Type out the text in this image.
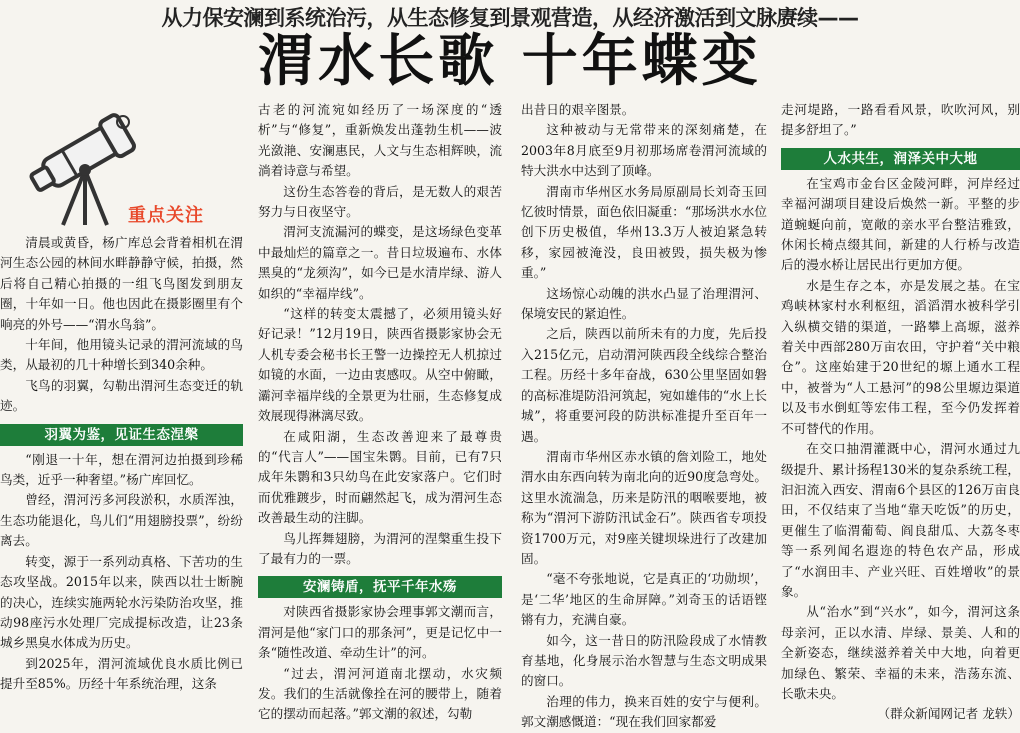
从力保安澜到系统治污，从生态修复到景观营造，从经济激活到文脉赓续——
渭水长歌 十年蝶变
重点关注

清晨或黄昏，杨广库总会背着相机在渭河生态公园的林间水畔静静守候，拍摄，然后将自己精心拍摄的一组飞鸟图发到朋友圈，十年如一日。他也因此在摄影圈里有个响亮的外号——“渭水鸟翁”。

十年间，他用镜头记录的渭河流域的鸟类，从最初的几十种增长到340余种。

飞鸟的羽翼，勾勒出渭河生态变迁的轨迹。

羽翼为鉴，见证生态涅槃

“刚退一十年，想在渭河边拍摄到珍稀鸟类，近乎一种奢望。”杨广库回忆。

曾经，渭河汚多河段淤积，水质浑浊，生态功能退化，鸟儿们“用翅膀投票”，纷纷离去。

转变，源于一系列动真格、下苦功的生态攻坚战。2015年以来，陕西以壮士断腕的决心，连续实施两轮水污染防治攻坚，推动98座污水处理厂完成提标改造，让23条城乡黑臭水体成为历史。

到2025年，渭河流域优良水质比例已提升至85%。历经十年系统治理，这条

古老的河流宛如经历了一场深度的“透析”与“修复”，重新焕发出蓬勃生机——波光潋滟、安澜惠民，人文与生态相辉映，流淌着诗意与希望。

这份生态答卷的背后，是无数人的艰苦努力与日夜坚守。

渭河支流漏河的蝶变，是这场绿色变革中最灿烂的篇章之一。昔日垃圾遍布、水体黑臭的“龙须沟”，如今已是水清岸绿、游人如织的“幸福岸线”。

“这样的转变太震撼了，必须用镜头好好记录！”12月19日，陕西省摄影家协会无人机专委会秘书长王警一边操控无人机掠过如镜的水面，一边由衷感叹。从空中俯瞰，灞河幸福岸线的全景更为壮丽，生态修复成效展现得淋漓尽致。

在咸阳湖，生态改善迎来了最尊贵的“代言人”——国宝朱鹮。目前，已有7只成年朱鹮和3只幼鸟在此安家落户。它们时而优雅踱步，时而翩然起飞，成为渭河生态改善最生动的注脚。

鸟儿挥舞翅膀，为渭河的涅槃重生投下了最有力的一票。

安澜铸盾，抚平千年水殇

对陕西省摄影家协会理事郭文潮而言，渭河是他“家门口的那条河”，更是记忆中一条“随性改道、牵动生计”的河。

“过去，渭河河道南北摆动，水灾频发。我们的生活就像拴在河的腰带上，随着它的摆动而起落。”郭文潮的叙述，勾勒

出昔日的艰辛图景。

这种被动与无常带来的深刻痛楚，在2003年8月底至9月初那场席卷渭河流域的特大洪水中达到了顶峰。

渭南市华州区水务局原副局长刘奇玉回忆彼时情景，面色依旧凝重：“那场洪水水位创下历史极值，华州13.3万人被迫紧急转移，家园被淹没，良田被毁，损失极为惨重。”

这场惊心动魄的洪水凸显了治理渭河、保境安民的紧迫性。

之后，陕西以前所未有的力度，先后投入215亿元，启动渭河陕西段全线综合整治工程。历经十多年奋战，630公里坚固如磐的高标准堤防沿河筑起，宛如雄伟的“水上长城”，将重要河段的防洪标准提升至百年一遇。

渭南市华州区赤水镇的詹刘险工，地处渭水由东西向转为南北向的近90度急弯处。这里水流湍急，历来是防汛的咽喉要地，被称为“渭河下游防汛试金石”。陕西省专项投资1700万元，对9座关键坝垛进行了改建加固。

“毫不夸张地说，它是真正的‘功勋坝’，是‘二华’地区的生命屏障。”刘奇玉的话语铿锵有力，充满自豪。

如今，这一昔日的防汛险段成了水情教育基地，化身展示治水智慧与生态文明成果的窗口。

治理的伟力，换来百姓的安宁与便利。郭文潮感慨道：“现在我们回家都爱

走河堤路，一路看看风景，吹吹河风，别提多舒坦了。”

人水共生，润泽关中大地

在宝鸡市金台区金陵河畔，河岸经过幸福河湖项目建设后焕然一新。平整的步道蜿蜒向前，宽敞的亲水平台整洁雅致，休闲长椅点缀其间，新建的人行桥与改造后的漫水桥让居民出行更加方便。

水是生存之本，亦是发展之基。在宝鸡峡林家村水利枢纽，滔滔渭水被科学引入纵横交错的渠道，一路攀上高塬，滋养着关中西部280万亩农田，守护着“关中粮仓”。这座始建于20世纪的塬上通水工程中，被誉为“人工悬河”的98公里塬边渠道以及韦水倒虹等宏伟工程，至今仍发挥着不可替代的作用。

在交口抽渭灌溉中心，渭河水通过九级提升、累计扬程130米的复杂系统工程，汩汩流入西安、渭南6个县区的126万亩良田，不仅结束了当地“靠天吃饭”的历史，更催生了临渭葡萄、阎良甜瓜、大荔冬枣等一系列闻名遐迩的特色农产品，形成了“水润田丰、产业兴旺、百姓增收”的景象。

从“治水”到“兴水”，如今，渭河这条母亲河，正以水清、岸绿、景美、人和的全新姿态，继续滋养着关中大地，向着更加绿色、繁荣、幸福的未来，浩荡东流、长歌未央。

（群众新闻网记者 龙轶）
